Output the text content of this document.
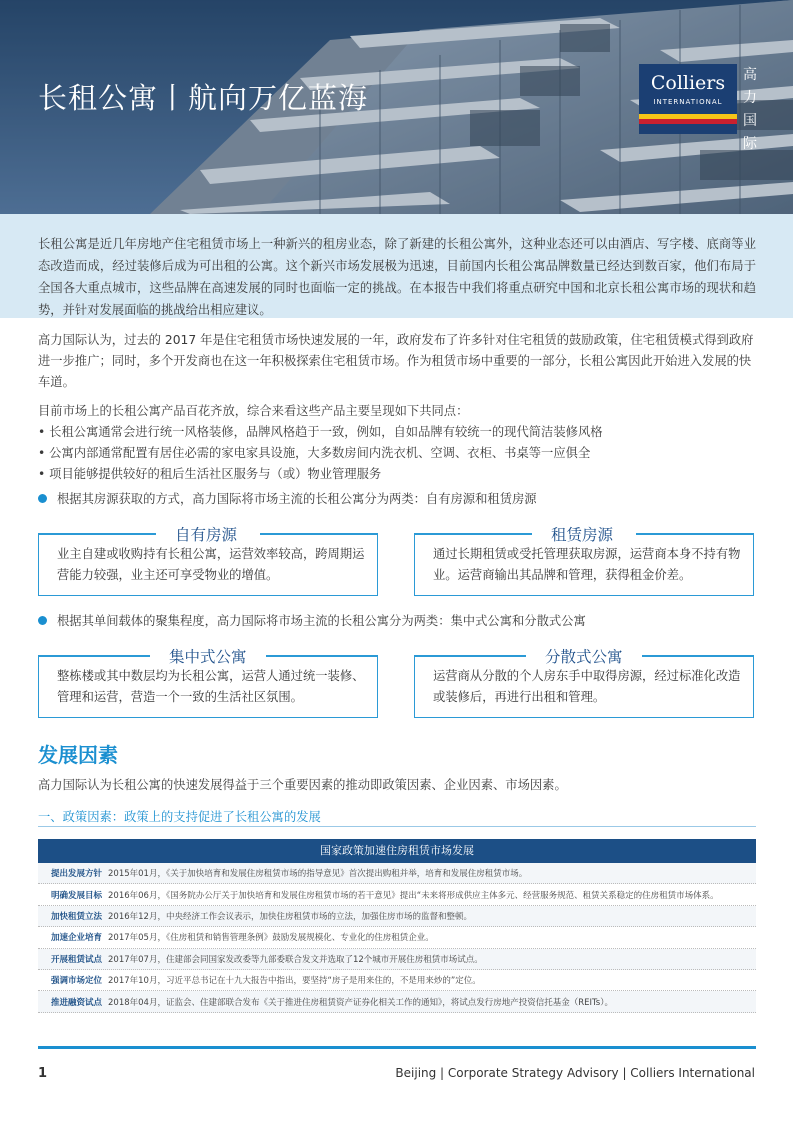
长租公寓丨航向万亿蓝海	Colliers
INTERNATIONAL
高
力
国
际

长租公寓是近几年房地产住宅租赁市场上一种新兴的租房业态，除了新建的长租公寓外，这种业态还可以由酒店、写字楼、底商等业态改造而成，经过装修后成为可出租的公寓。这个新兴市场发展极为迅速，目前国内长租公寓品牌数量已经达到数百家，他们布局于全国各大重点城市，这些品牌在高速发展的同时也面临一定的挑战。在本报告中我们将重点研究中国和北京长租公寓市场的现状和趋势，并针对发展面临的挑战给出相应建议。

高力国际认为，过去的 2017 年是住宅租赁市场快速发展的一年，政府发布了许多针对住宅租赁的鼓励政策，住宅租赁模式得到政府进一步推广；同时，多个开发商也在这一年积极探索住宅租赁市场。作为租赁市场中重要的一部分，长租公寓因此开始进入发展的快车道。

目前市场上的长租公寓产品百花齐放，综合来看这些产品主要呈现如下共同点：
• 长租公寓通常会进行统一风格装修，品牌风格趋于一致，例如，自如品牌有较统一的现代简洁装修风格
• 公寓内部通常配置有居住必需的家电家具设施，大多数房间内洗衣机、空调、衣柜、书桌等一应俱全
• 项目能够提供较好的租后生活社区服务与（或）物业管理服务
根据其房源获取的方式，高力国际将市场主流的长租公寓分为两类：自有房源和租赁房源
自有房源
业主自建或收购持有长租公寓，运营效率较高，跨周期运营能力较强，业主还可享受物业的增值。
租赁房源
通过长期租赁或受托管理获取房源，运营商本身不持有物业。运营商输出其品牌和管理，获得租金价差。
根据其单间载体的聚集程度，高力国际将市场主流的长租公寓分为两类：集中式公寓和分散式公寓
集中式公寓
整栋楼或其中数层均为长租公寓，运营人通过统一装修、管理和运营，营造一个一致的生活社区氛围。
分散式公寓
运营商从分散的个人房东手中取得房源，经过标准化改造或装修后，再进行出租和管理。
发展因素

高力国际认为长租公寓的快速发展得益于三个重要因素的推动即政策因素、企业因素、市场因素。

一、政策因素：政策上的支持促进了长租公寓的发展
国家政策加速住房租赁市场发展
提出发展方针 2015年01月，《关于加快培育和发展住房租赁市场的指导意见》首次提出购租并举，培育和发展住房租赁市场。
明确发展目标 2016年06月，《国务院办公厅关于加快培育和发展住房租赁市场的若干意见》提出“未来将形成供应主体多元、经营服务规范、租赁关系稳定的住房租赁市场体系。
加快租赁立法 2016年12月，中央经济工作会议表示，加快住房租赁市场的立法，加强住房市场的监督和整顿。
加速企业培育 2017年05月，《住房租赁和销售管理条例》鼓励发展规模化、专业化的住房租赁企业。
开展租赁试点 2017年07月，住建部会同国家发改委等九部委联合发文并选取了12个城市开展住房租赁市场试点。
强调市场定位 2017年10月，习近平总书记在十九大报告中指出，要坚持“房子是用来住的，不是用来炒的”定位。
推进融资试点 2018年04月，证监会、住建部联合发布《关于推进住房租赁资产证券化相关工作的通知》，将试点发行房地产投资信托基金（REITs）。
1	Beijing | Corporate Strategy Advisory | Colliers International
